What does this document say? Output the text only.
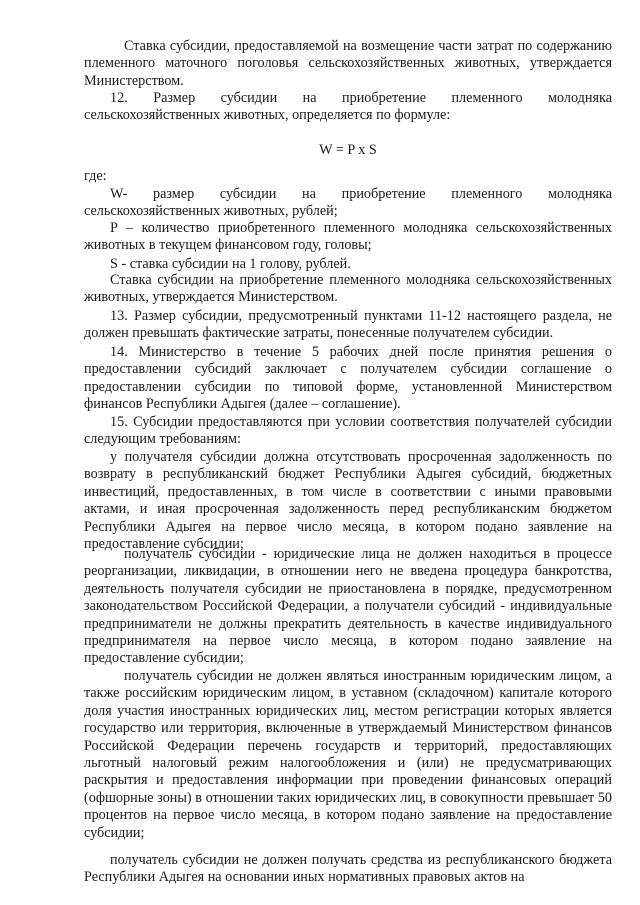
Ставка субсидии, предоставляемой на возмещение части затрат по содержанию племенного маточного поголовья сельскохозяйственных животных, утверждается Министерством.

12. Размер субсидии на приобретение племенного молодняка сельскохозяйственных животных, определяется по формуле:

W = P x S

где:

W- размер субсидии на приобретение племенного молодняка сельскохозяйственных животных, рублей;

P – количество приобретенного племенного молодняка сельскохозяйственных животных в текущем финансовом году, головы;

S - ставка субсидии на 1 голову, рублей.

Ставка субсидии на приобретение племенного молодняка сельскохозяйственных животных, утверждается Министерством.

13. Размер субсидии, предусмотренный пунктами 11-12 настоящего раздела, не должен превышать фактические затраты, понесенные получателем субсидии.

14. Министерство в течение 5 рабочих дней после принятия решения о предоставлении субсидий заключает с получателем субсидии соглашение о предоставлении субсидии по типовой форме, установленной Министерством финансов Республики Адыгея (далее – соглашение).

15. Субсидии предоставляются при условии соответствия получателей субсидии следующим требованиям:

у получателя субсидии должна отсутствовать просроченная задолженность по возврату в республиканский бюджет Республики Адыгея субсидий, бюджетных инвестиций, предоставленных, в том числе в соответствии с иными правовыми актами, и иная просроченная задолженность перед республиканским бюджетом Республики Адыгея на первое число месяца, в котором подано заявление на предоставление субсидии;

получатель субсидии - юридические лица не должен находиться в процессе реорганизации, ликвидации, в отношении него не введена процедура банкротства, деятельность получателя субсидии не приостановлена в порядке, предусмотренном законодательством Российской Федерации, а получатели субсидий - индивидуальные предприниматели не должны прекратить деятельность в качестве индивидуального предпринимателя на первое число месяца, в котором подано заявление на предоставление субсидии;

получатель субсидии не должен являться иностранным юридическим лицом, а также российским юридическим лицом, в уставном (складочном) капитале которого доля участия иностранных юридических лиц, местом регистрации которых является государство или территория, включенные в утверждаемый Министерством финансов Российской Федерации перечень государств и территорий, предоставляющих льготный налоговый режим налогообложения и (или) не предусматривающих раскрытия и предоставления информации при проведении финансовых операций (офшорные зоны) в отношении таких юридических лиц, в совокупности превышает 50 процентов на первое число месяца, в котором подано заявление на предоставление субсидии;

получатель субсидии не должен получать средства из республиканского бюджета Республики Адыгея на основании иных нормативных правовых актов на
